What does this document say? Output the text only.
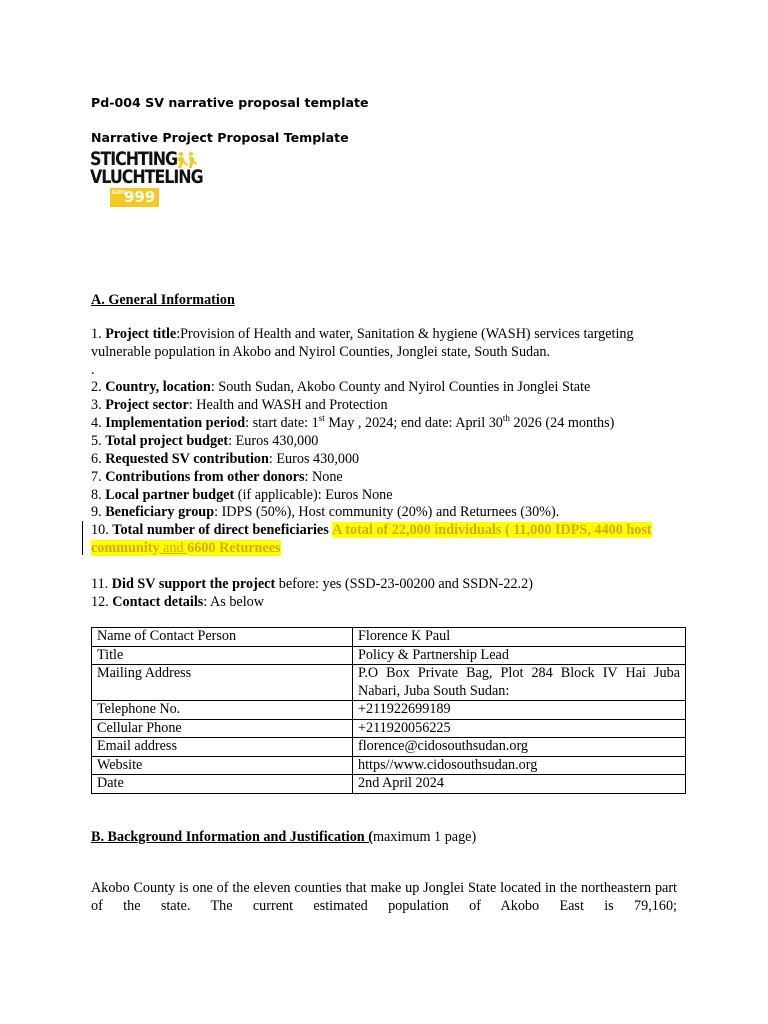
Pd-004 SV narrative proposal template
Narrative Project Proposal Template
STICHTING
VLUCHTELING
GIRO
999
A. General Information
1. Project title:Provision of Health and water, Sanitation & hygiene (WASH) services targeting vulnerable population in Akobo and Nyirol Counties, Jonglei state, South Sudan.
.
2. Country, location: South Sudan, Akobo County and Nyirol Counties in Jonglei State
3. Project sector: Health and WASH and Protection
4. Implementation period: start date: 1st May , 2024; end date: April 30th 2026 (24 months)
5. Total project budget: Euros 430,000
6. Requested SV contribution: Euros 430,000
7. Contributions from other donors: None
8. Local partner budget (if applicable): Euros None
9. Beneficiary group: IDPS (50%), Host community (20%) and Returnees (30%).
10. Total number of direct beneficiaries A total of 22,000 individuals ( 11,000 IDPS, 4400 host community and 6600 Returnees
11. Did SV support the project before: yes (SSD-23-00200 and SSDN-22.2)
12. Contact details: As below
Name of Contact Person	Florence K Paul
Title	Policy & Partnership Lead
Mailing Address	P.O Box Private Bag, Plot 284 Block IV Hai Juba Nabari, Juba South Sudan:
Telephone No.	+211922699189
Cellular Phone	+211920056225
Email address	florence@cidosouthsudan.org
Website	https//www.cidosouthsudan.org
Date	2nd April 2024
B. Background Information and Justification (maximum 1 page)
Akobo County is one of the eleven counties that make up Jonglei State located in the northeastern part of the state. The current estimated population of Akobo East is 79,160;
